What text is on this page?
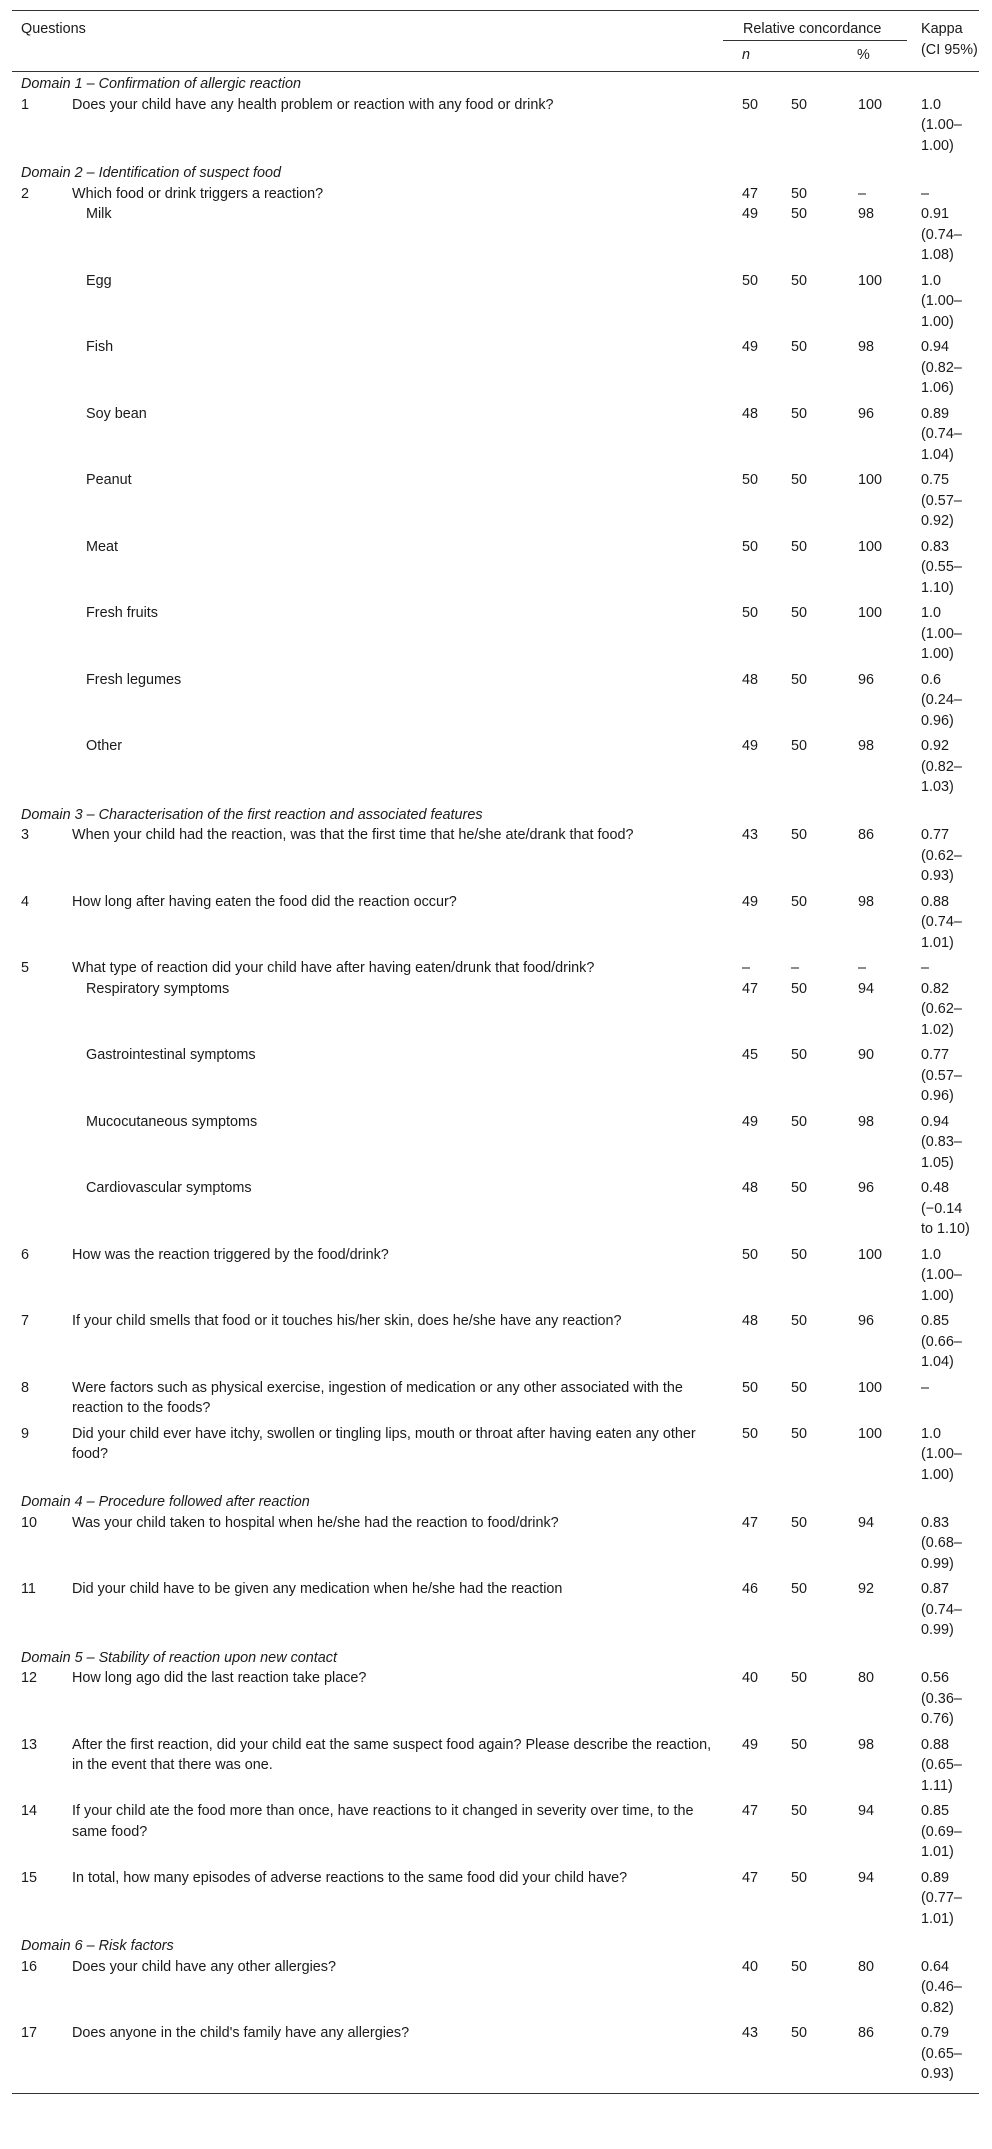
Questions		Relative concordance			Kappa (CI 95%)
		n		%	
Domain 1 – Confirmation of allergic reaction					
1	Does your child have any health problem or reaction with any food or drink?	50	50	100	1.0 (1.00–1.00)
Domain 2 – Identification of suspect food					
2	Which food or drink triggers a reaction?	47	50	–	–
	Milk	49	50	98	0.91 (0.74–1.08)
	Egg	50	50	100	1.0 (1.00–1.00)
	Fish	49	50	98	0.94 (0.82–1.06)
	Soy bean	48	50	96	0.89 (0.74–1.04)
	Peanut	50	50	100	0.75 (0.57–0.92)
	Meat	50	50	100	0.83 (0.55–1.10)
	Fresh fruits	50	50	100	1.0 (1.00–1.00)
	Fresh legumes	48	50	96	0.6 (0.24–0.96)
	Other	49	50	98	0.92 (0.82–1.03)
Domain 3 – Characterisation of the first reaction and associated features					
3	When your child had the reaction, was that the first time that he/she ate/drank that food?	43	50	86	0.77 (0.62–0.93)
4	How long after having eaten the food did the reaction occur?	49	50	98	0.88 (0.74–1.01)
5	What type of reaction did your child have after having eaten/drunk that food/drink?	–	–	–	–
	Respiratory symptoms	47	50	94	0.82 (0.62–1.02)
	Gastrointestinal symptoms	45	50	90	0.77 (0.57–0.96)
	Mucocutaneous symptoms	49	50	98	0.94 (0.83–1.05)
	Cardiovascular symptoms	48	50	96	0.48 (−0.14 to 1.10)
6	How was the reaction triggered by the food/drink?	50	50	100	1.0 (1.00–1.00)
7	If your child smells that food or it touches his/her skin, does he/she have any reaction?	48	50	96	0.85 (0.66–1.04)
8	Were factors such as physical exercise, ingestion of medication or any other associated with the reaction to the foods?	50	50	100	–
9	Did your child ever have itchy, swollen or tingling lips, mouth or throat after having eaten any other food?	50	50	100	1.0 (1.00–1.00)
Domain 4 – Procedure followed after reaction					
10	Was your child taken to hospital when he/she had the reaction to food/drink?	47	50	94	0.83 (0.68–0.99)
11	Did your child have to be given any medication when he/she had the reaction	46	50	92	0.87 (0.74–0.99)
Domain 5 – Stability of reaction upon new contact					
12	How long ago did the last reaction take place?	40	50	80	0.56 (0.36–0.76)
13	After the first reaction, did your child eat the same suspect food again? Please describe the reaction, in the event that there was one.	49	50	98	0.88 (0.65–1.11)
14	If your child ate the food more than once, have reactions to it changed in severity over time, to the same food?	47	50	94	0.85 (0.69–1.01)
15	In total, how many episodes of adverse reactions to the same food did your child have?	47	50	94	0.89 (0.77–1.01)
Domain 6 – Risk factors					
16	Does your child have any other allergies?	40	50	80	0.64 (0.46–0.82)
17	Does anyone in the child's family have any allergies?	43	50	86	0.79 (0.65–0.93)
